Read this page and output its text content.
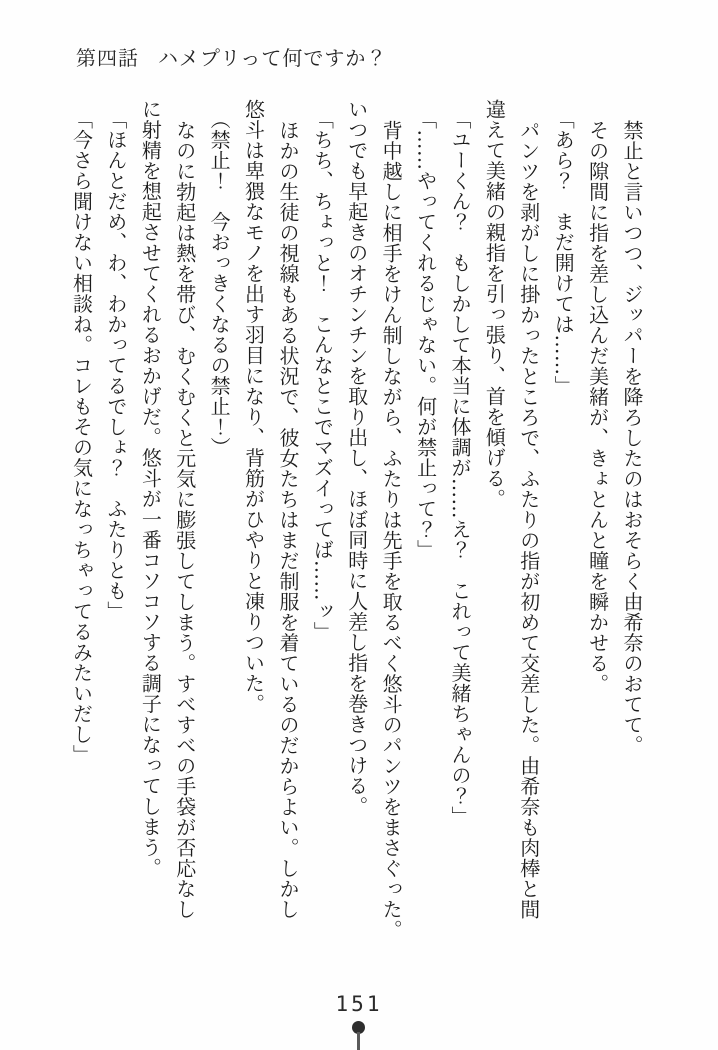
第四話 ハメプリって何ですか？
禁止と言いつつ、ジッパーを降ろしたのはおそらく由希奈のおてて。
その隙間に指を差し込んだ美緒が、きょとんと瞳を瞬かせる。
「あら？　まだ開けては……」
パンツを剥がしに掛かったところで、ふたりの指が初めて交差した。由希奈も肉棒と間
違えて美緒の親指を引っ張り、首を傾げる。
「ユーくん？　もしかして本当に体調が……え？　これって美緒ちゃんの？」
「……やってくれるじゃない。何が禁止って？」
背中越しに相手をけん制しながら、ふたりは先手を取るべく悠斗のパンツをまさぐった。
いつでも早起きのオチンチンを取り出し、ほぼ同時に人差し指を巻きつける。
「ちち、ちょっと！　こんなとこでマズイってば……ッ」
ほかの生徒の視線もある状況で、彼女たちはまだ制服を着ているのだからよい。しかし
悠斗は卑猥なモノを出す羽目になり、背筋がひやりと凍りついた。
（禁止！　今おっきくなるの禁止！）
なのに勃起は熱を帯び、むくむくと元気に膨張してしまう。すべすべの手袋が否応なし
に射精を想起させてくれるおかげだ。悠斗が一番コソコソする調子になってしまう。
「ほんとだめ、わ、わかってるでしょ？　ふたりとも」
「今さら聞けない相談ね。コレもその気になっちゃってるみたいだし」
151
